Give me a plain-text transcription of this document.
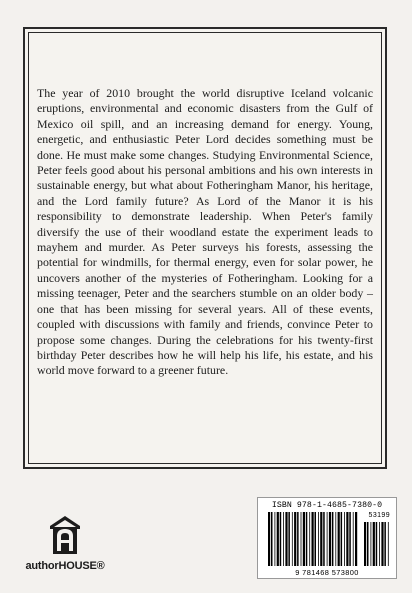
The year of 2010 brought the world disruptive Iceland volcanic eruptions, environmental and economic disasters from the Gulf of Mexico oil spill, and an increasing demand for energy. Young, energetic, and enthusiastic Peter Lord decides something must be done. He must make some changes. Studying Environmental Science, Peter feels good about his personal ambitions and his own interests in sustainable energy, but what about Fotheringham Manor, his heritage, and the Lord family future? As Lord of the Manor it is his responsibility to demonstrate leadership. When Peter's family diversify the use of their woodland estate the experiment leads to mayhem and murder. As Peter surveys his forests, assessing the potential for windmills, for thermal energy, even for solar power, he uncovers another of the mysteries of Fotheringham. Looking for a missing teenager, Peter and the searchers stumble on an older body – one that has been missing for several years. All of these events, coupled with discussions with family and friends, convince Peter to propose some changes. During the celebrations for his twenty-first birthday Peter describes how he will help his life, his estate, and his world move forward to a greener future.

authorHOUSE®
ISBN 978-1-4685-7380-0
53199
9 781468 573800
